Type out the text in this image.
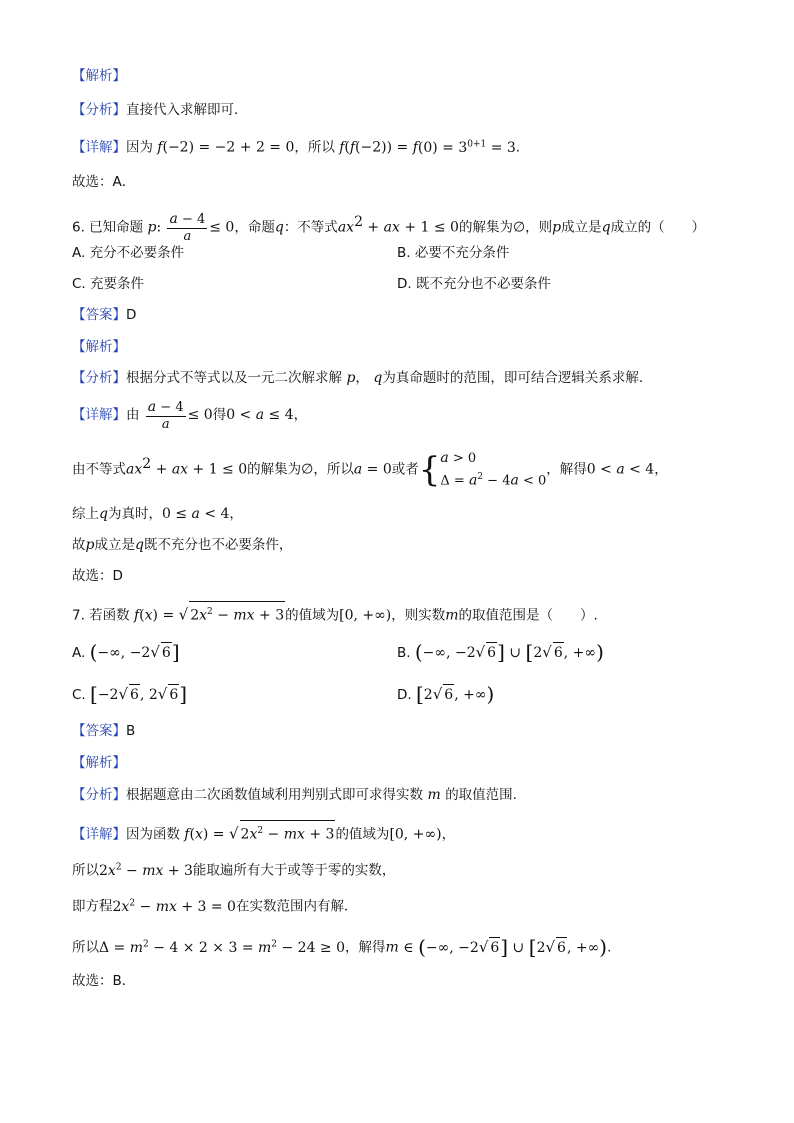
【解析】
【分析】直接代入求解即可.
【详解】因为 f(−2) = −2 + 2 = 0，所以 $f(f(-2)) = f(0) = 3^{0+1} = 3$.
故选：A．
6. 已知命题 p: $\frac{a - 4}{a} \le 0$，命题q：不等式$ax^2$ + ax + 1 ≤ 0的解集为∅，则p成立是q成立的（　　）
A. 充分不必要条件	B. 必要不充分条件
C. 充要条件	D. 既不充分也不必要条件
【答案】D
【解析】
【分析】根据分式不等式以及一元二次解求解 p， q为真命题时的范围，即可结合逻辑关系求解.
【详解】由 $\frac{a - 4}{a} \le 0$得0 < a ≤ 4，
由不等式$ax^2$ + ax + 1 ≤ 0的解集为∅，所以a = 0或者{a > 0
$\Delta = a^2 - 4a < 0$，解得0 < a < 4，
综上q为真时，0 ≤ a < 4，
故p成立是q既不充分也不必要条件，
故选：D
7. 若函数 f(x) = √ $2x^2$ − mx + 3的值域为[0, +∞)，则实数m的取值范围是（　　）.
A. (−∞, −2√ 6]	B. (−∞, −2√ 6] ∪ [2√ 6, +∞)
C. [−2√ 6, 2√ 6]	D. [2√ 6, +∞)
【答案】B
【解析】
【分析】根据题意由二次函数值域利用判别式即可求得实数 m 的取值范围.
【详解】因为函数 f(x) = √ $2x^2$ − mx + 3的值域为[0, +∞)，
所以$2x^2$ − mx + 3能取遍所有大于或等于零的实数，
即方程$2x^2$ − mx + 3 = 0在实数范围内有解．
所以$\Delta = m^2 - 4 \times 2 \times 3 = m^2 - 24 \ge 0$，解得m ∈ (−∞, −2√ 6] ∪ [2√ 6, +∞).
故选：B．
